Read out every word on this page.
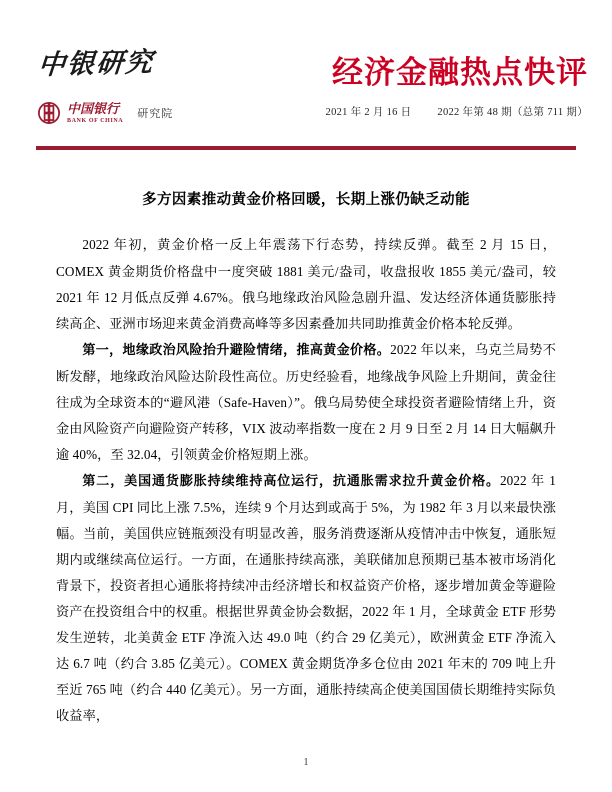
中银研究
中国银行
BANK OF CHINA
研究院
经济金融热点快评
2021 年 2 月 16 日 2022 年第 48 期（总第 711 期）
多方因素推动黄金价格回暖，长期上涨仍缺乏动能

2022 年初，黄金价格一反上年震荡下行态势，持续反弹。截至 2 月 15 日，COMEX 黄金期货价格盘中一度突破 1881 美元/盎司，收盘报收 1855 美元/盎司，较 2021 年 12 月低点反弹 4.67%。俄乌地缘政治风险急剧升温、发达经济体通货膨胀持续高企、亚洲市场迎来黄金消费高峰等多因素叠加共同助推黄金价格本轮反弹。

第一，地缘政治风险抬升避险情绪，推高黄金价格。2022 年以来，乌克兰局势不断发酵，地缘政治风险达阶段性高位。历史经验看，地缘战争风险上升期间，黄金往往成为全球资本的“避风港（Safe-Haven）”。俄乌局势使全球投资者避险情绪上升，资金由风险资产向避险资产转移，VIX 波动率指数一度在 2 月 9 日至 2 月 14 日大幅飙升逾 40%，至 32.04，引领黄金价格短期上涨。

第二，美国通货膨胀持续维持高位运行，抗通胀需求拉升黄金价格。2022 年 1 月，美国 CPI 同比上涨 7.5%，连续 9 个月达到或高于 5%，为 1982 年 3 月以来最快涨幅。当前，美国供应链瓶颈没有明显改善，服务消费逐渐从疫情冲击中恢复，通胀短期内或继续高位运行。一方面，在通胀持续高涨，美联储加息预期已基本被市场消化背景下，投资者担心通胀将持续冲击经济增长和权益资产价格，逐步增加黄金等避险资产在投资组合中的权重。根据世界黄金协会数据，2022 年 1 月，全球黄金 ETF 形势发生逆转，北美黄金 ETF 净流入达 49.0 吨（约合 29 亿美元），欧洲黄金 ETF 净流入达 6.7 吨（约合 3.85 亿美元）。COMEX 黄金期货净多仓位由 2021 年末的 709 吨上升至近 765 吨（约合 440 亿美元）。另一方面，通胀持续高企使美国国债长期维持实际负收益率，

1
